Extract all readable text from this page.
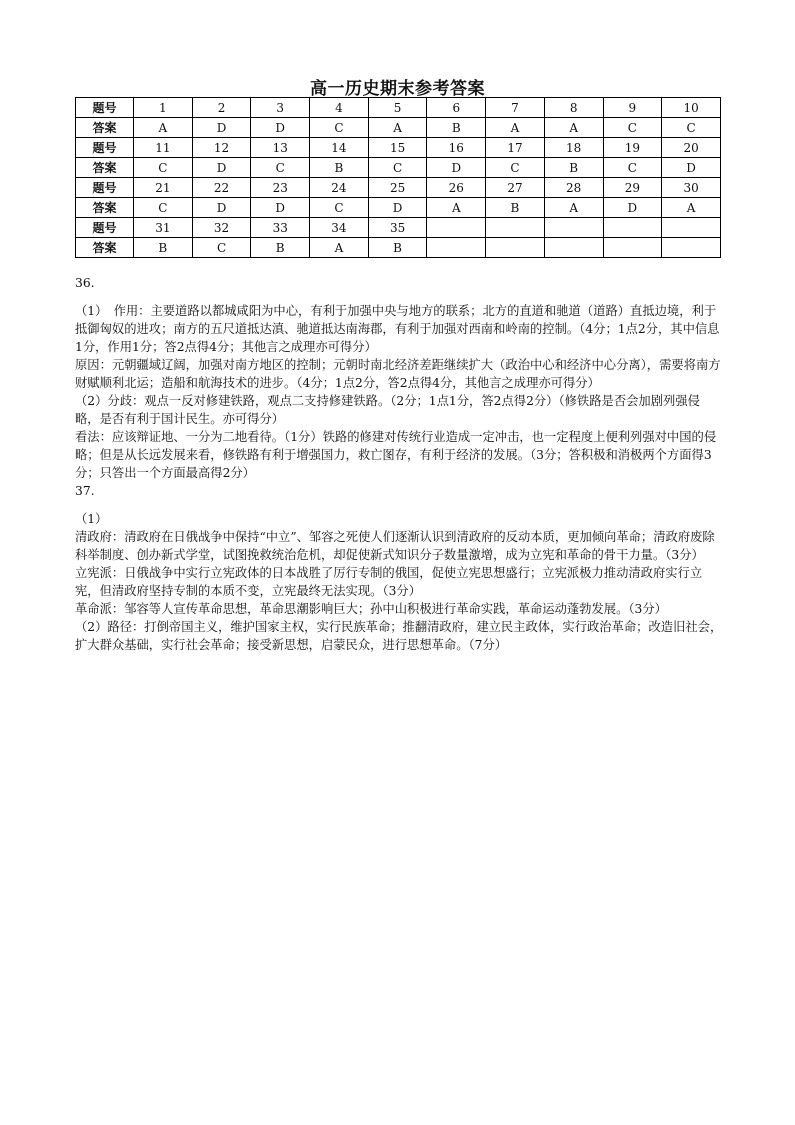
高一历史期末参考答案
题号	1	2	3	4	5	6	7	8	9	10
答案	A	D	D	C	A	B	A	A	C	C
题号	11	12	13	14	15	16	17	18	19	20
答案	C	D	C	B	C	D	C	B	C	D
题号	21	22	23	24	25	26	27	28	29	30
答案	C	D	D	C	D	A	B	A	D	A
题号	31	32	33	34	35					
答案	B	C	B	A	B					

36.

（1）　作用：主要道路以都城咸阳为中心，有利于加强中央与地方的联系；北方的直道和驰道（道路）直抵边境，利于抵御匈奴的进攻；南方的五尺道抵达滇、驰道抵达南海郡，有利于加强对西南和岭南的控制。（4分；1点2分，其中信息1分，作用1分；答2点得4分；其他言之成理亦可得分）

原因：元朝疆域辽阔，加强对南方地区的控制；元朝时南北经济差距继续扩大（政治中心和经济中心分离），需要将南方财赋顺利北运；造船和航海技术的进步。（4分；1点2分，答2点得4分，其他言之成理亦可得分）

（2）分歧：观点一反对修建铁路，观点二支持修建铁路。（2分；1点1分，答2点得2分）（修铁路是否会加剧列强侵略，是否有利于国计民生。亦可得分）

看法：应该辩证地、一分为二地看待。（1分）铁路的修建对传统行业造成一定冲击，也一定程度上便利列强对中国的侵略；但是从长远发展来看，修铁路有利于增强国力，救亡图存，有利于经济的发展。（3分；答积极和消极两个方面得3分；只答出一个方面最高得2分）

37.

（1）

清政府：清政府在日俄战争中保持“中立”、邹容之死使人们逐渐认识到清政府的反动本质，更加倾向革命；清政府废除科举制度、创办新式学堂，试图挽救统治危机，却促使新式知识分子数量激增，成为立宪和革命的骨干力量。（3分）

立宪派：日俄战争中实行立宪政体的日本战胜了厉行专制的俄国，促使立宪思想盛行；立宪派极力推动清政府实行立宪，但清政府坚持专制的本质不变，立宪最终无法实现。（3分）

革命派：邹容等人宣传革命思想，革命思潮影响巨大；孙中山积极进行革命实践，革命运动蓬勃发展。（3分）

（2）路径：打倒帝国主义，维护国家主权，实行民族革命；推翻清政府，建立民主政体，实行政治革命；改造旧社会，扩大群众基础，实行社会革命；接受新思想，启蒙民众，进行思想革命。（7分）
